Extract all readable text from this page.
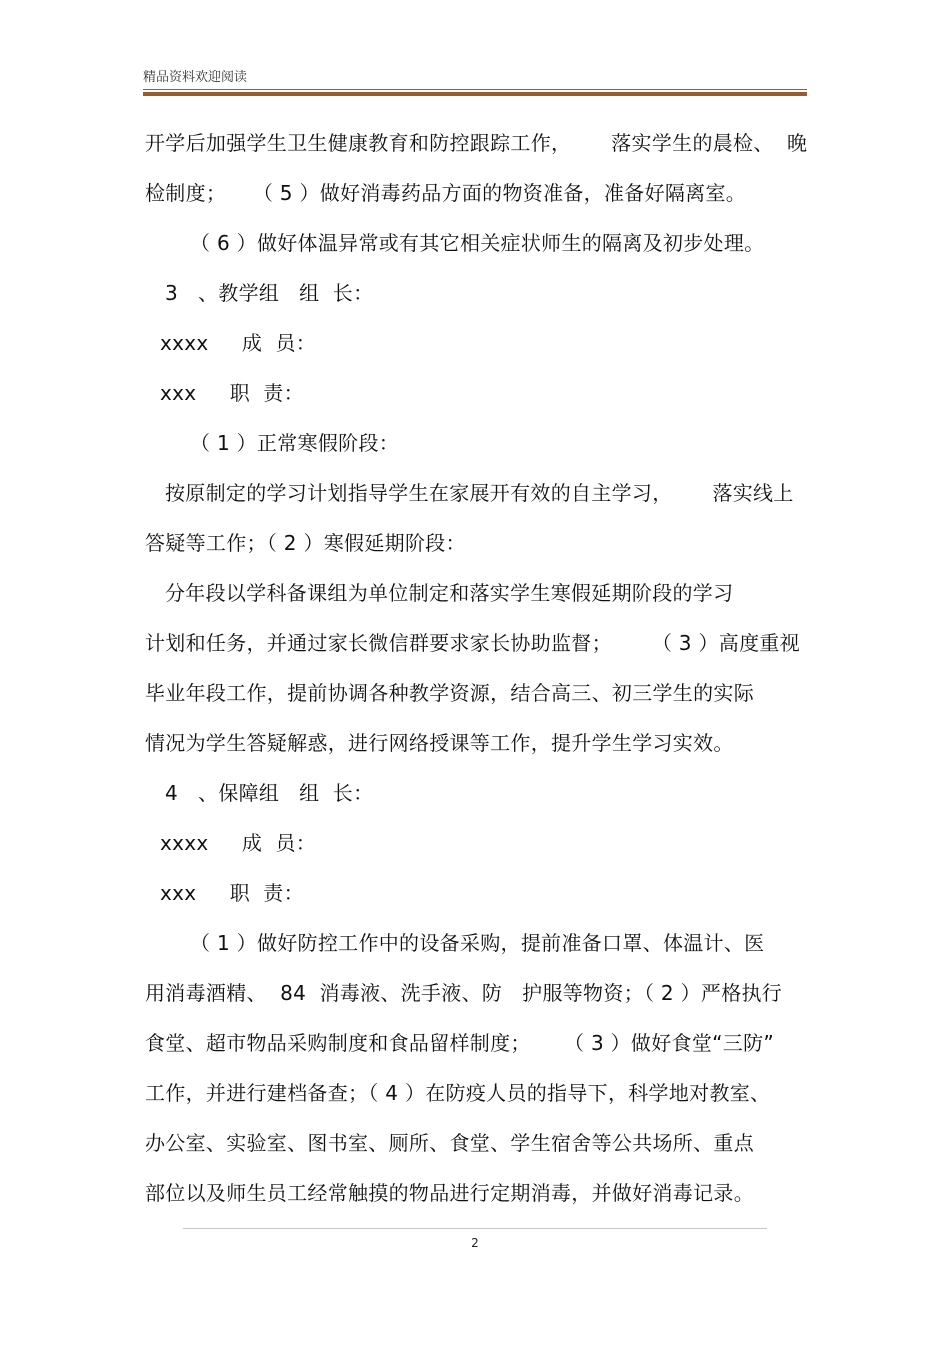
精品资料欢迎阅读
开学后加强学生卫生健康教育和防控跟踪工作，      落实学生的晨检、  晚
检制度；    （ 5 ）做好消毒药品方面的物资准备，准备好隔离室。
（ 6 ）做好体温异常或有其它相关症状师生的隔离及初步处理。
3   、教学组   组  长：
xxxx     成  员：
xxx     职  责：
（ 1 ）正常寒假阶段：
按原制定的学习计划指导学生在家展开有效的自主学习，      落实线上
答疑等工作；（ 2 ）寒假延期阶段：
分年段以学科备课组为单位制定和落实学生寒假延期阶段的学习
计划和任务，并通过家长微信群要求家长协助监督；      （ 3 ）高度重视
毕业年段工作，提前协调各种教学资源，结合高三、初三学生的实际
情况为学生答疑解惑，进行网络授课等工作，提升学生学习实效。
4   、保障组   组  长：
xxxx     成  员：
xxx     职  责：
（ 1 ）做好防控工作中的设备采购，提前准备口罩、体温计、医
用消毒酒精、  84  消毒液、洗手液、防   护服等物资；（ 2 ）严格执行
食堂、超市物品采购制度和食品留样制度；     （ 3 ）做好食堂“三防”
工作，并进行建档备查；（ 4 ）在防疫人员的指导下，科学地对教室、
办公室、实验室、图书室、厕所、食堂、学生宿舍等公共场所、重点
部位以及师生员工经常触摸的物品进行定期消毒，并做好消毒记录。
2
